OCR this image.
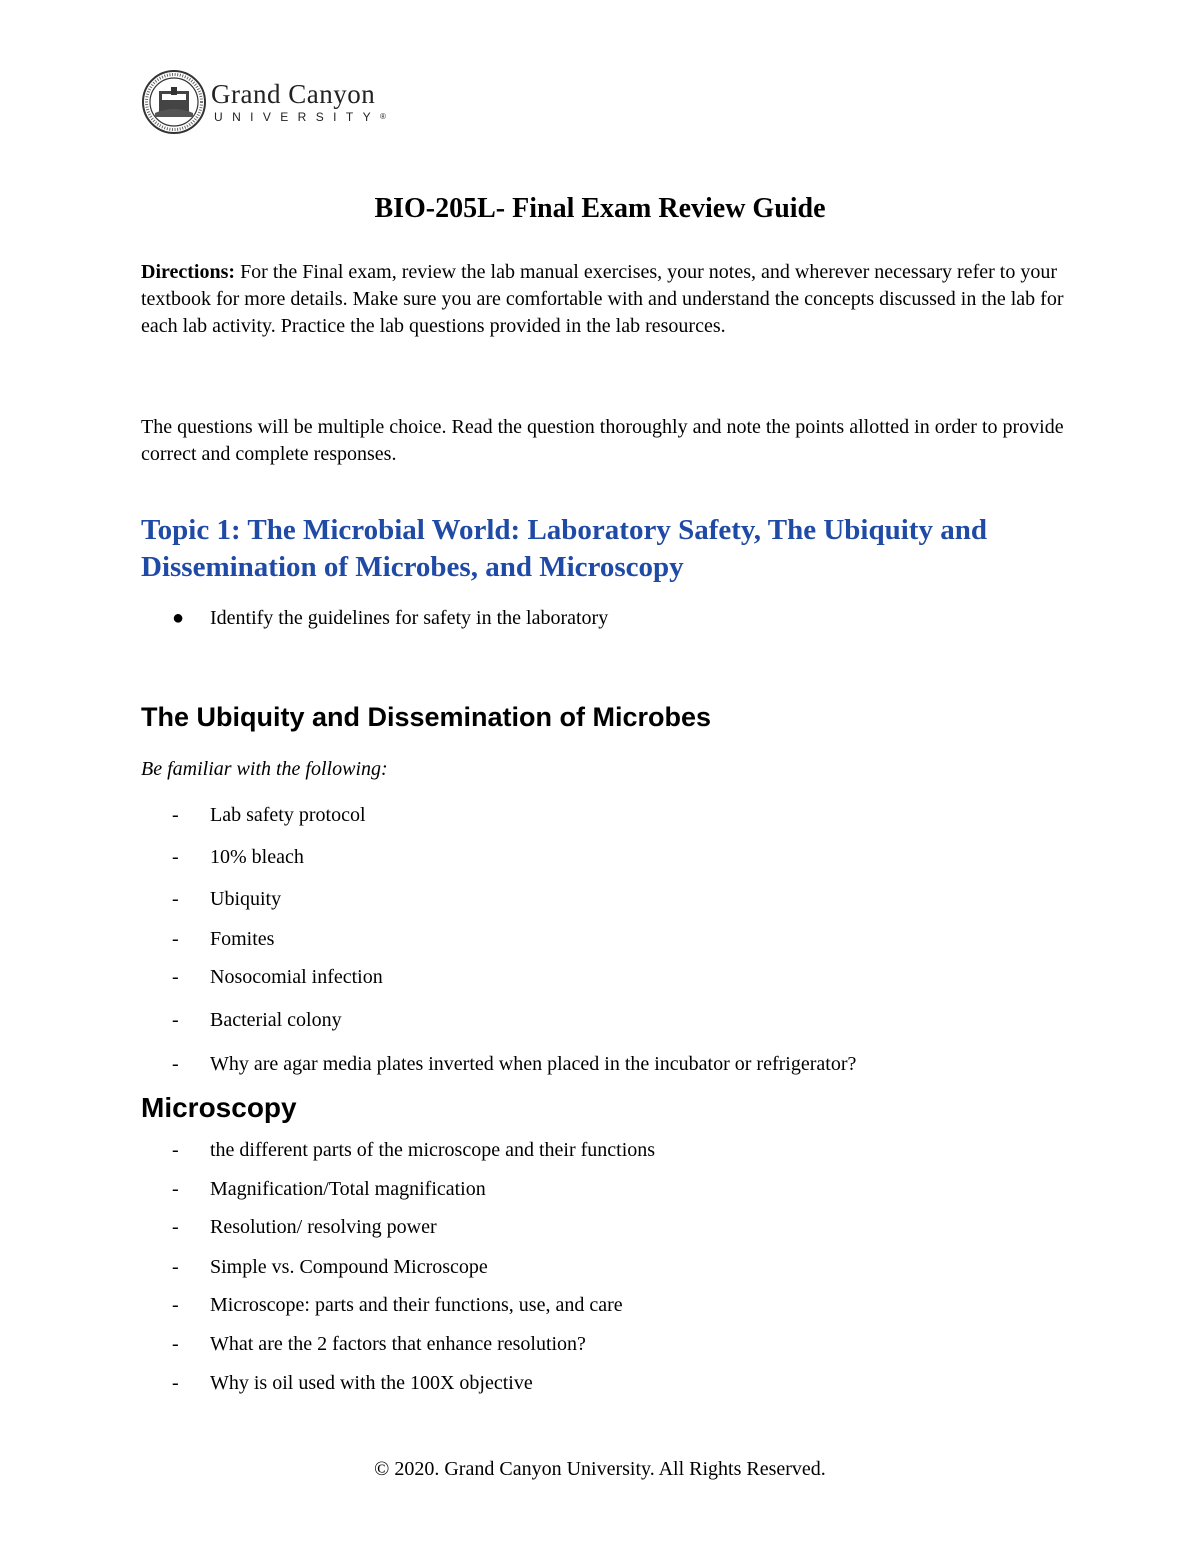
Grand Canyon
UNIVERSITY®
BIO-205L- Final Exam Review Guide
Directions: For the Final exam, review the lab manual exercises, your notes, and wherever necessary refer to your textbook for more details. Make sure you are comfortable with and understand the concepts discussed in the lab for each lab activity. Practice the lab questions provided in the lab resources.
The questions will be multiple choice. Read the question thoroughly and note the points allotted in order to provide correct and complete responses.
Topic 1: The Microbial World: Laboratory Safety, The Ubiquity and Dissemination of Microbes, and Microscopy
●	Identify the guidelines for safety in the laboratory
The Ubiquity and Dissemination of Microbes
Be familiar with the following:
-	Lab safety protocol
-	10% bleach
-	Ubiquity
-	Fomites
-	Nosocomial infection
-	Bacterial colony
-	Why are agar media plates inverted when placed in the incubator or refrigerator?
Microscopy
-	the different parts of the microscope and their functions
-	Magnification/Total magnification
-	Resolution/ resolving power
-	Simple vs. Compound Microscope
-	Microscope: parts and their functions, use, and care
-	What are the 2 factors that enhance resolution?
-	Why is oil used with the 100X objective
© 2020. Grand Canyon University. All Rights Reserved.
